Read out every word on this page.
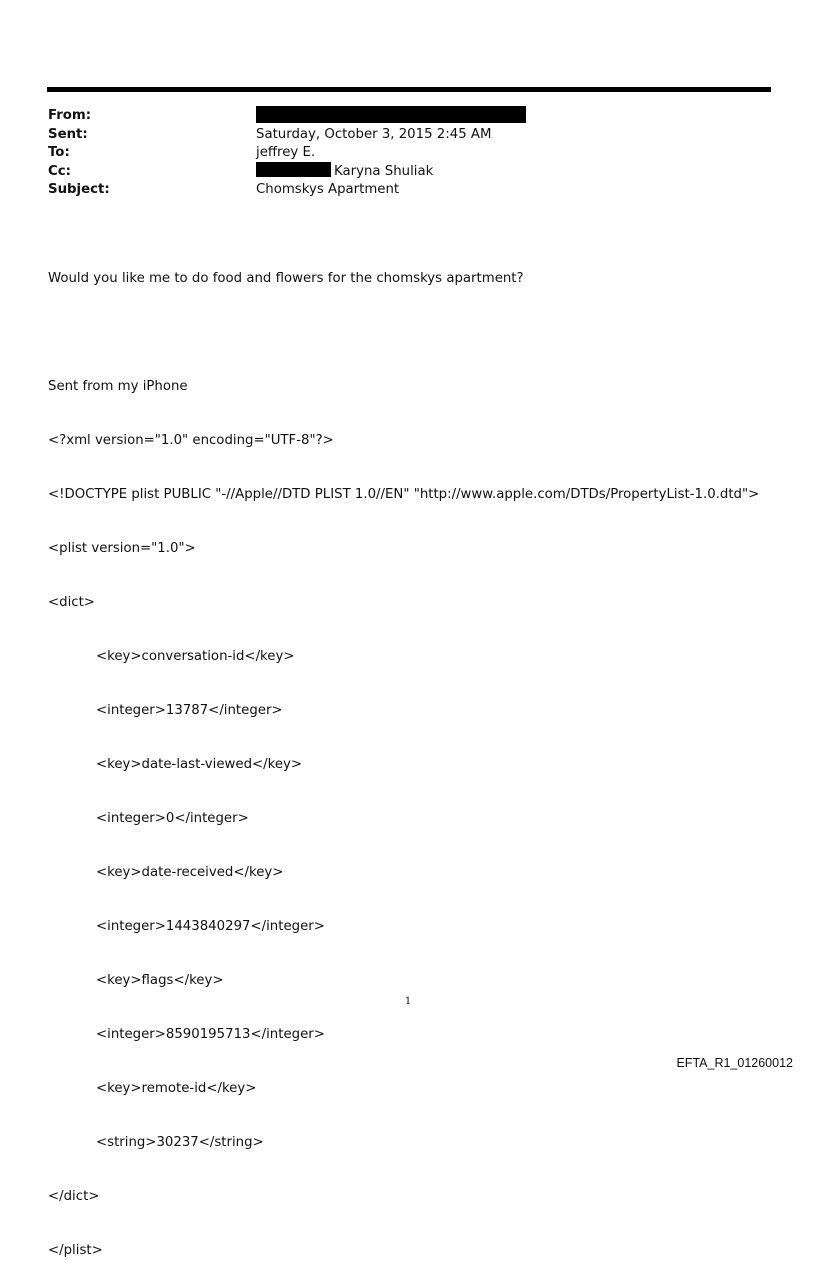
From:
Sent:	Saturday, October 3, 2015 2:45 AM
To:	jeffrey E.
Cc:	Karyna Shuliak
Subject:	Chomskys Apartment

Would you like me to do food and flowers for the chomskys apartment?

Sent from my iPhone

<?xml version="1.0" encoding="UTF-8"?>

<!DOCTYPE plist PUBLIC "-//Apple//DTD PLIST 1.0//EN" "http://www.apple.com/DTDs/PropertyList-1.0.dtd">

<plist version="1.0">

<dict>

<key>conversation-id</key>

<integer>13787</integer>

<key>date-last-viewed</key>

<integer>0</integer>

<key>date-received</key>

<integer>1443840297</integer>

<key>flags</key>

<integer>8590195713</integer>

<key>remote-id</key>

<string>30237</string>

</dict>

</plist>

1
EFTA_R1_01260012
